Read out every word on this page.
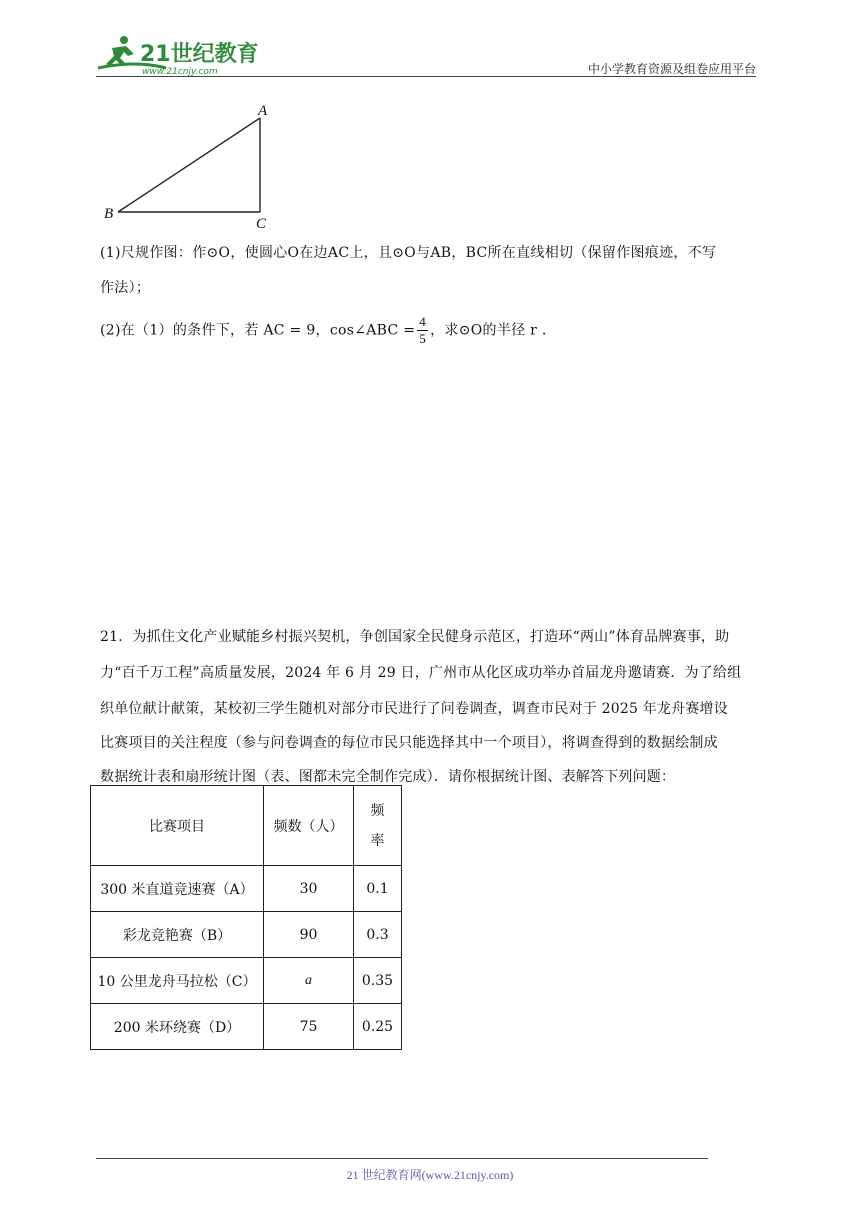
21世纪教育
www.21cnjy.com	中小学教育资源及组卷应用平台
A
B
C
(1)尺规作图：作⊙O，使圆心O在边AC上，且⊙O与AB，BC所在直线相切（保留作图痕迹，不写
作法）；
(2)在（1）的条件下，若 AC = 9，cos∠ABC = $\frac{4}{5}$ ，求⊙O的半径 r .
21．为抓住文化产业赋能乡村振兴契机，争创国家全民健身示范区，打造环“两山”体育品牌赛事，助
力“百千万工程”高质量发展，2024 年 6 月 29 日，广州市从化区成功举办首届龙舟邀请赛．为了给组
织单位献计献策，某校初三学生随机对部分市民进行了问卷调查，调查市民对于 2025 年龙舟赛增设
比赛项目的关注程度（参与问卷调查的每位市民只能选择其中一个项目），将调查得到的数据绘制成
数据统计表和扇形统计图（表、图都未完全制作完成）．请你根据统计图、表解答下列问题：
比赛项目	频数（人）	频
率

300 米直道竞速赛（A）	30	0.1
彩龙竞艳赛（B）	90	0.3
10 公里龙舟马拉松（C）	a	0.35
200 米环绕赛（D）	75	0.25
21 世纪教育网(www.21cnjy.com)
